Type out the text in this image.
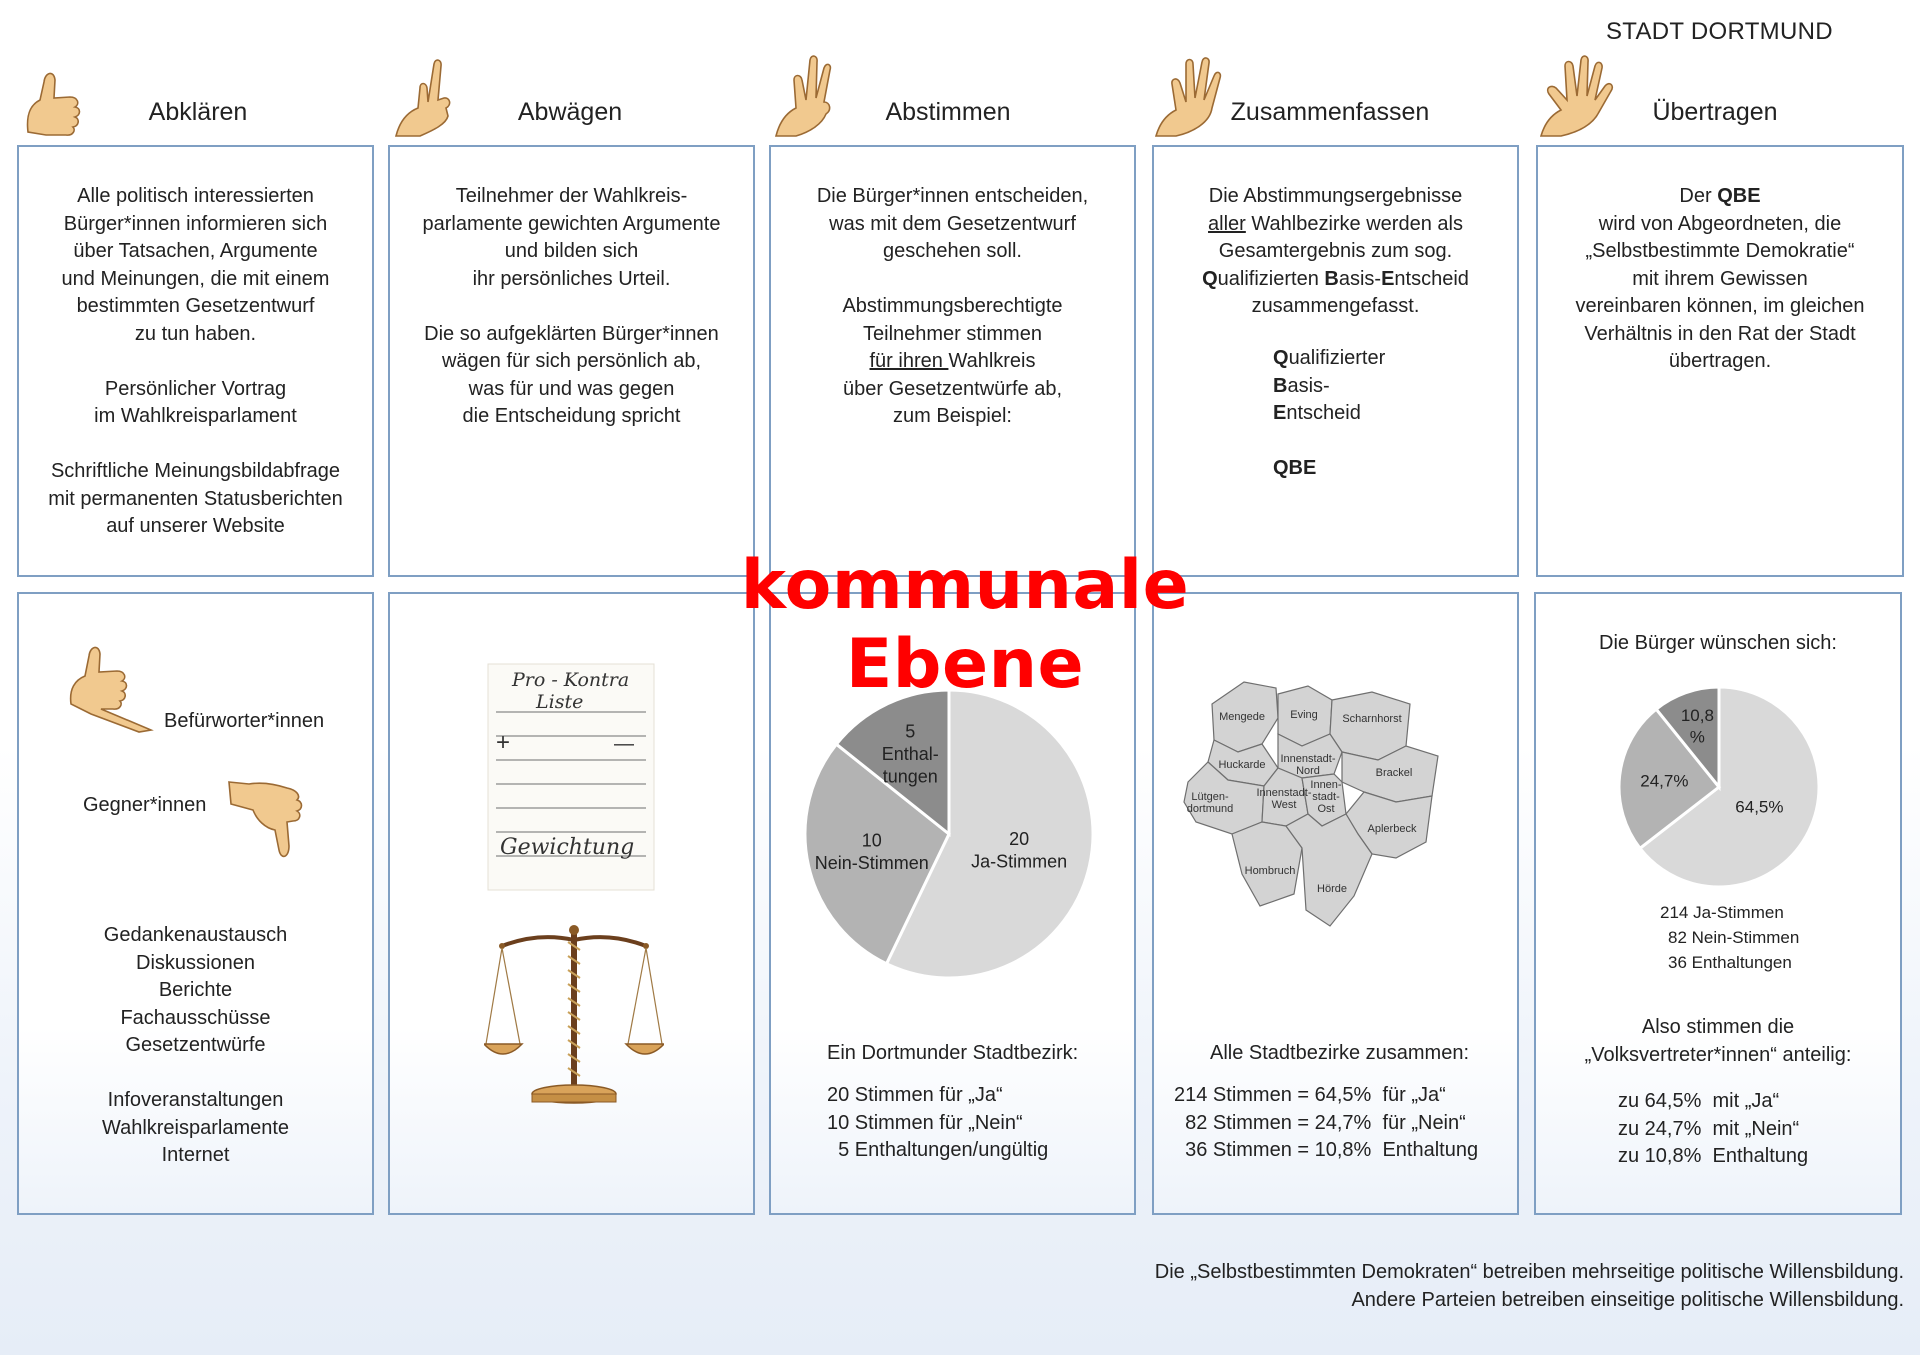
STADT DORTMUND
Abklären	Abwägen	Abstimmen	Zusammenfassen	Übertragen
Alle politisch interessierten
Bürger*innen informieren sich
über Tatsachen, Argumente
und Meinungen, die mit einem
bestimmten Gesetzentwurf
zu tun haben.
Persönlicher Vortrag
im Wahlkreisparlament
Schriftliche Meinungsbildabfrage
mit permanenten Statusberichten
auf unserer Website
Teilnehmer der Wahlkreis-
parlamente gewichten Argumente
und bilden sich
ihr persönliches Urteil.
Die so aufgeklärten Bürger*innen
wägen für sich persönlich ab,
was für und was gegen
die Entscheidung spricht
Die Bürger*innen entscheiden,
was mit dem Gesetzentwurf
geschehen soll.
Abstimmungsberechtigte
Teilnehmer stimmen
für ihren Wahlkreis
über Gesetzentwürfe ab,
zum Beispiel:
Die Abstimmungsergebnisse
aller Wahlbezirke werden als
Gesamtergebnis zum sog.
Qualifizierten Basis-Entscheid
zusammengefasst.
Qualifizierter
Basis-
Entscheid
QBE
Der QBE
wird von Abgeordneten, die
„Selbstbestimmte Demokratie“
mit ihrem Gewissen
vereinbaren können, im gleichen
Verhältnis in den Rat der Stadt
übertragen.
Befürworter*innen
Gegner*innen
Gedankenaustausch
Diskussionen
Berichte
Fachausschüsse
Gesetzentwürfe
Infoveranstaltungen
Wahlkreisparlamente
Internet
Pro - Kontra
Liste
+	—
Gewichtung	20
Ja-Stimmen
10
Nein-Stimmen
5
Enthal-
tungen
Ein Dortmunder Stadtbezirk:
20 Stimmen für „Ja“
10 Stimmen für „Nein“
5 Enthaltungen/ungültig
Mengede Eving Scharnhorst
Huckarde Innenstadt-
Nord	Brackel
Lütgen-
dortmund
Innenstadt-
West
Innen-
stadt-
Ost
Aplerbeck
Hombruch
Hörde
Alle Stadtbezirke zusammen:
214 Stimmen = 64,5%  für „Ja“
82 Stimmen = 24,7%  für „Nein“
36 Stimmen = 10,8%  Enthaltung
Die Bürger wünschen sich:
64,5%
24,7%
10,8
%
214 Ja-Stimmen
82 Nein-Stimmen
36 Enthaltungen
Also stimmen die
„Volksvertreter*innen“ anteilig:
zu 64,5%  mit „Ja“
zu 24,7%  mit „Nein“
zu 10,8%  Enthaltung
kommunale Ebene
Die „Selbstbestimmten Demokraten“ betreiben mehrseitige politische Willensbildung.
Andere Parteien betreiben einseitige politische Willensbildung.
